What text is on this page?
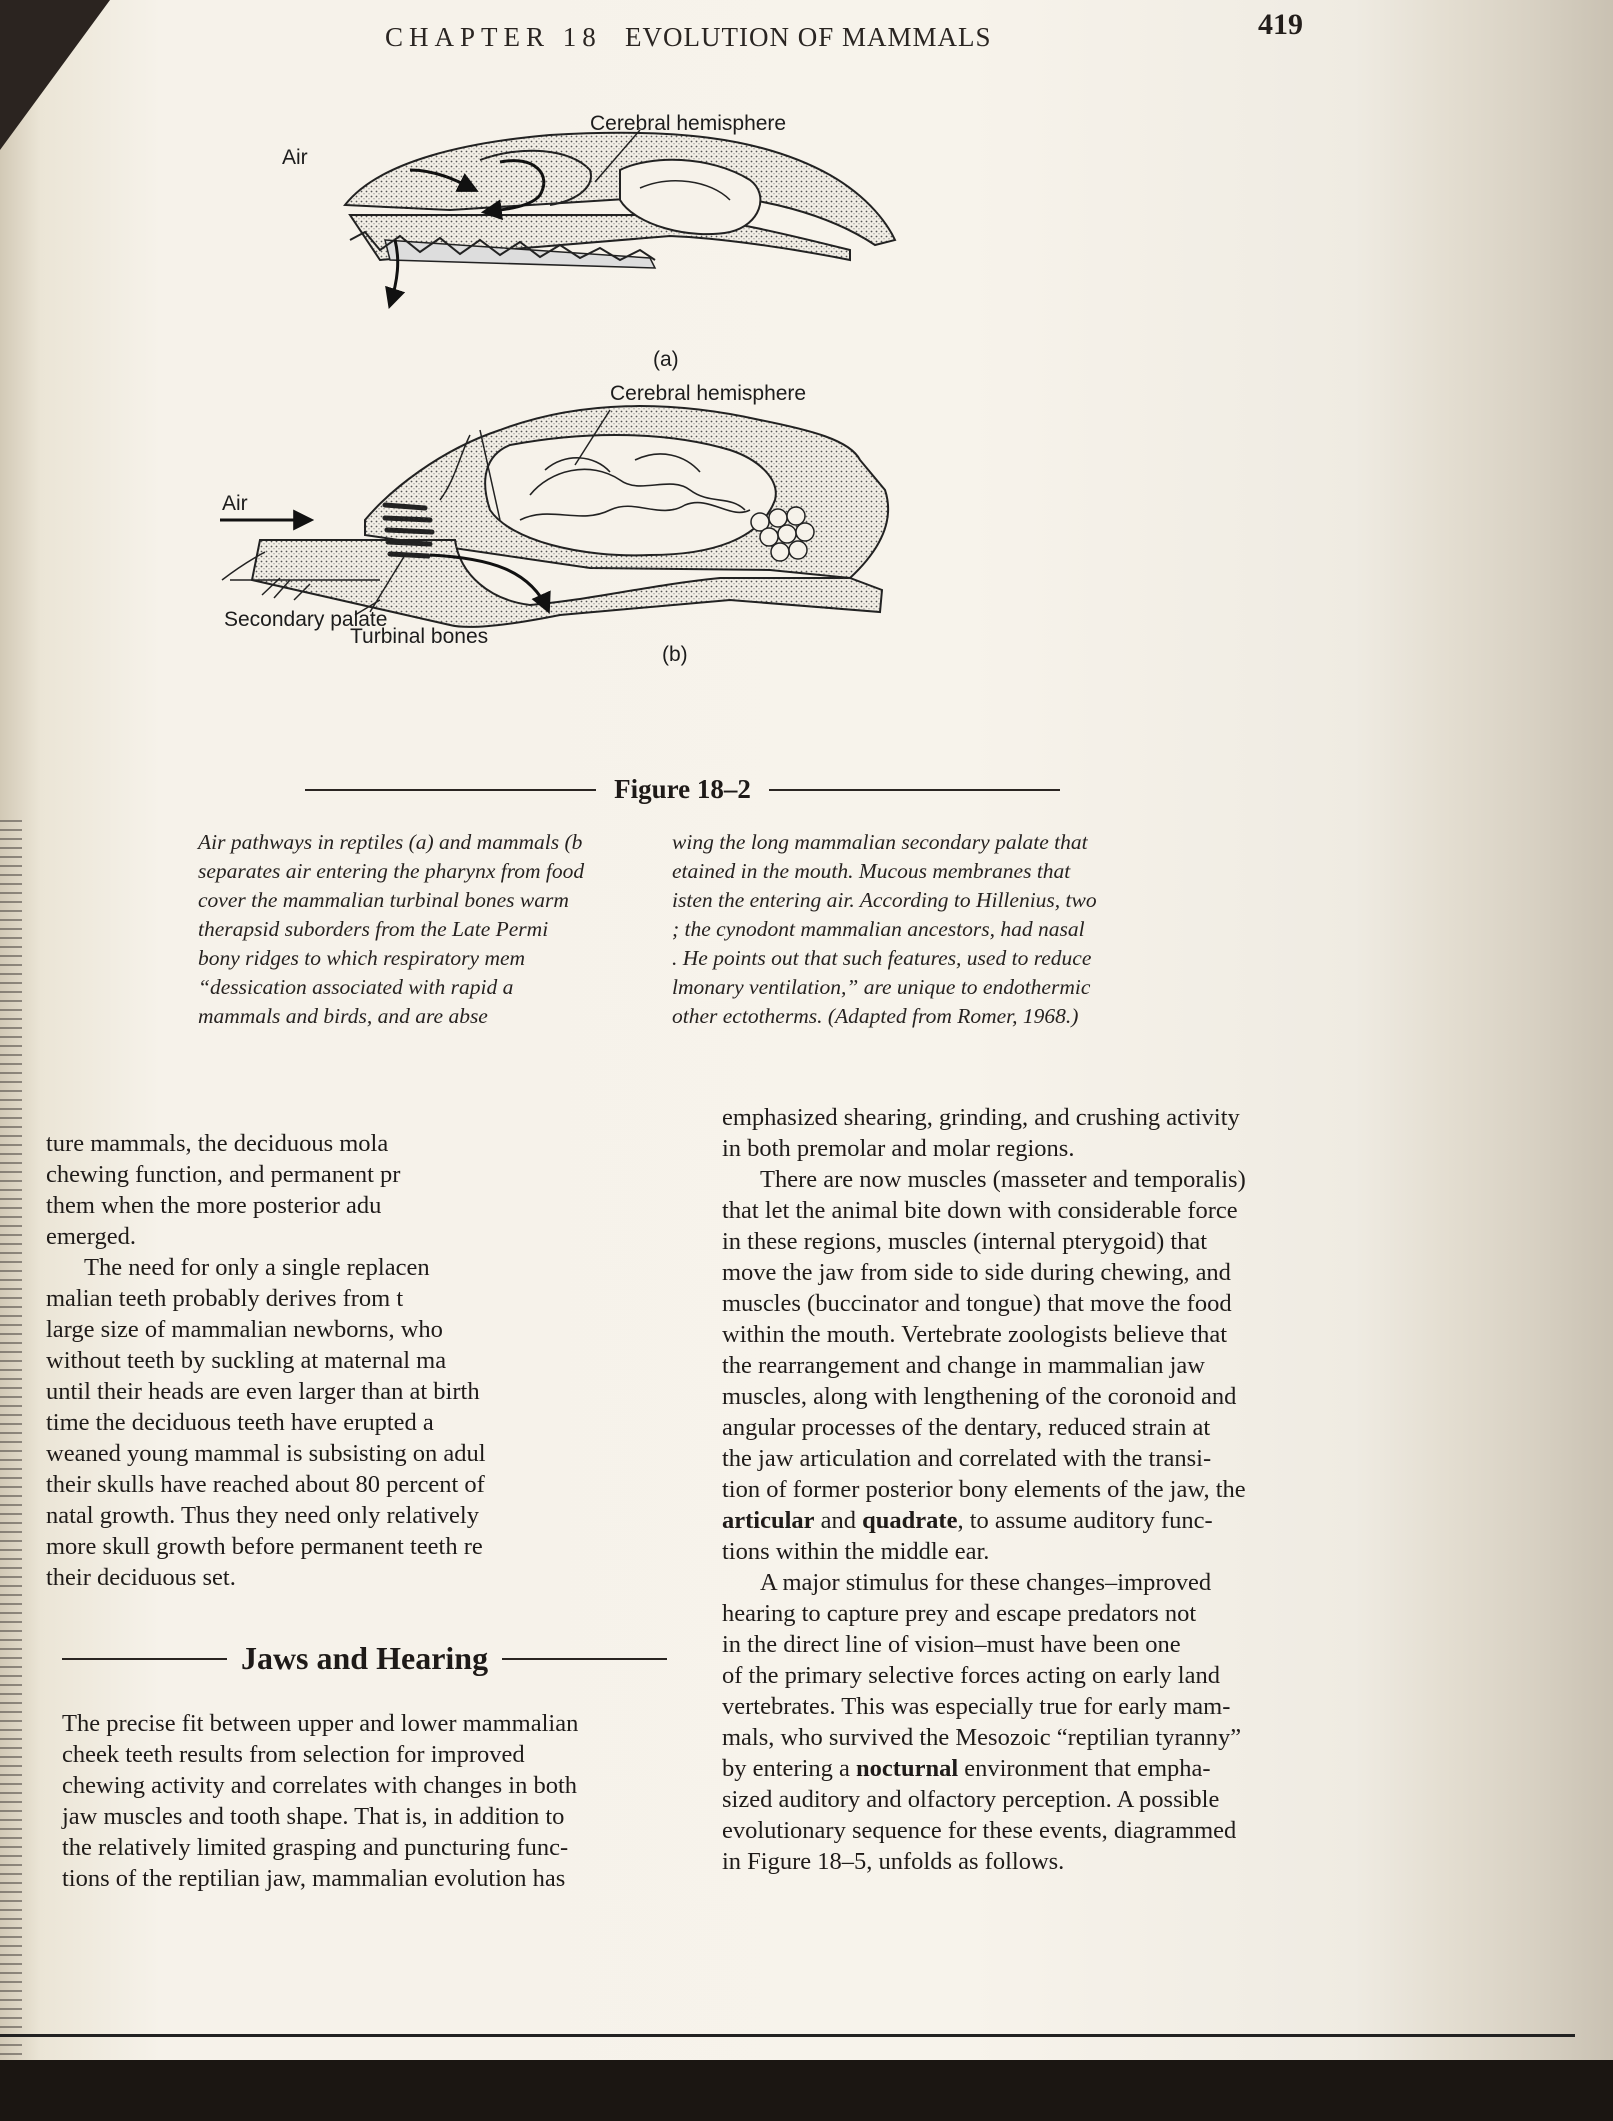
CHAPTER 18 EVOLUTION OF MAMMALS	419
Air
Cerebral hemisphere
(a)
Air
Cerebral hemisphere
Secondary palate
Turbinal bones
(b)
Figure 18–2
Air pathways in reptiles (a) and mammals (b
separates air entering the pharynx from food
cover the mammalian turbinal bones warm
therapsid suborders from the Late Permi
bony ridges to which respiratory mem
“dessication associated with rapid a
mammals and birds, and are abse
wing the long mammalian secondary palate that
etained in the mouth. Mucous membranes that
isten the entering air. According to Hillenius, two
; the cynodont mammalian ancestors, had nasal
. He points out that such features, used to reduce
lmonary ventilation,” are unique to endothermic
other ectotherms. (Adapted from Romer, 1968.)
ture mammals, the deciduous mola
chewing function, and permanent pr
them when the more posterior adu
emerged.
The need for only a single replacen
malian teeth probably derives from t
large size of mammalian newborns, who
without teeth by suckling at maternal ma
until their heads are even larger than at birth
time the deciduous teeth have erupted a
weaned young mammal is subsisting on adul
their skulls have reached about 80 percent of
natal growth. Thus they need only relatively
more skull growth before permanent teeth re
their deciduous set.
Jaws and Hearing
The precise fit between upper and lower mammalian
cheek teeth results from selection for improved
chewing activity and correlates with changes in both
jaw muscles and tooth shape. That is, in addition to
the relatively limited grasping and puncturing func-
tions of the reptilian jaw, mammalian evolution has
emphasized shearing, grinding, and crushing activity
in both premolar and molar regions.
There are now muscles (masseter and temporalis)
that let the animal bite down with considerable force
in these regions, muscles (internal pterygoid) that
move the jaw from side to side during chewing, and
muscles (buccinator and tongue) that move the food
within the mouth. Vertebrate zoologists believe that
the rearrangement and change in mammalian jaw
muscles, along with lengthening of the coronoid and
angular processes of the dentary, reduced strain at
the jaw articulation and correlated with the transi-
tion of former posterior bony elements of the jaw, the
articular and quadrate, to assume auditory func-
tions within the middle ear.
A major stimulus for these changes–improved
hearing to capture prey and escape predators not
in the direct line of vision–must have been one
of the primary selective forces acting on early land
vertebrates. This was especially true for early mam-
mals, who survived the Mesozoic “reptilian tyranny”
by entering a nocturnal environment that empha-
sized auditory and olfactory perception. A possible
evolutionary sequence for these events, diagrammed
in Figure 18–5, unfolds as follows.
